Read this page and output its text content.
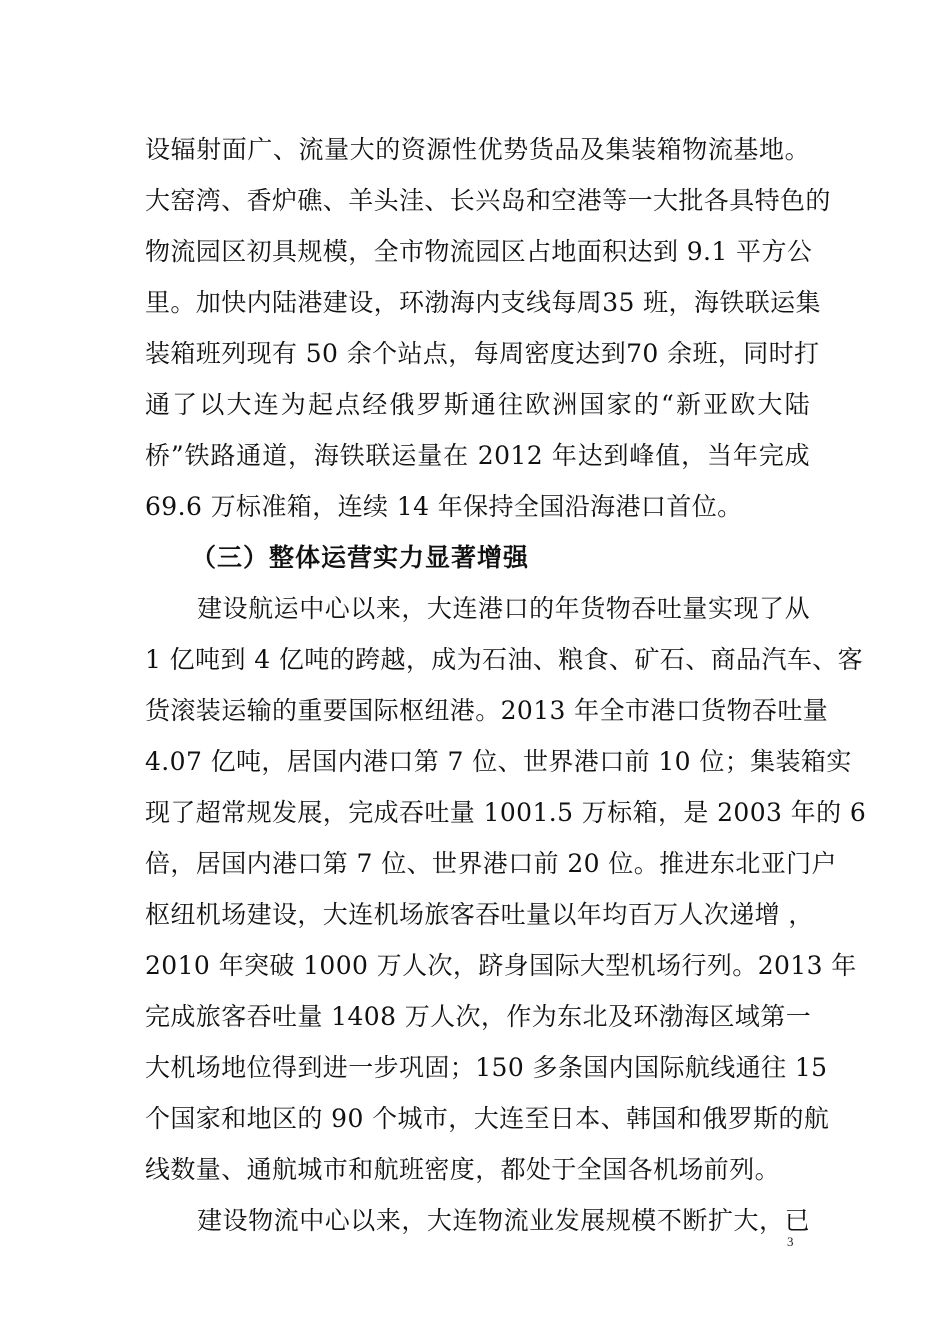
设辐射面广、流量大的资源性优势货品及集装箱物流基地。
大窑湾、香炉礁、羊头洼、长兴岛和空港等一大批各具特色的
物流园区初具规模，全市物流园区占地面积达到 9.1 平方公
里。加快内陆港建设，环渤海内支线每周35 班，海铁联运集
装箱班列现有 50 余个站点，每周密度达到70 余班，同时打
通了以大连为起点经俄罗斯通往欧洲国家的“新亚欧大陆
桥”铁路通道，海铁联运量在 2012 年达到峰值，当年完成
69.6 万标准箱，连续 14 年保持全国沿海港口首位。
（三）整体运营实力显著增强
建设航运中心以来，大连港口的年货物吞吐量实现了从
1 亿吨到 4 亿吨的跨越，成为石油、粮食、矿石、商品汽车、客
货滚装运输的重要国际枢纽港。2013 年全市港口货物吞吐量
4.07 亿吨，居国内港口第 7 位、世界港口前 10 位；集装箱实
现了超常规发展，完成吞吐量 1001.5 万标箱，是 2003 年的 6
倍，居国内港口第 7 位、世界港口前 20 位。推进东北亚门户
枢纽机场建设，大连机场旅客吞吐量以年均百万人次递增 ，
2010 年突破 1000 万人次，跻身国际大型机场行列。2013 年
完成旅客吞吐量 1408 万人次，作为东北及环渤海区域第一
大机场地位得到进一步巩固；150 多条国内国际航线通往 15
个国家和地区的 90 个城市，大连至日本、韩国和俄罗斯的航
线数量、通航城市和航班密度，都处于全国各机场前列。
建设物流中心以来，大连物流业发展规模不断扩大，已
3
